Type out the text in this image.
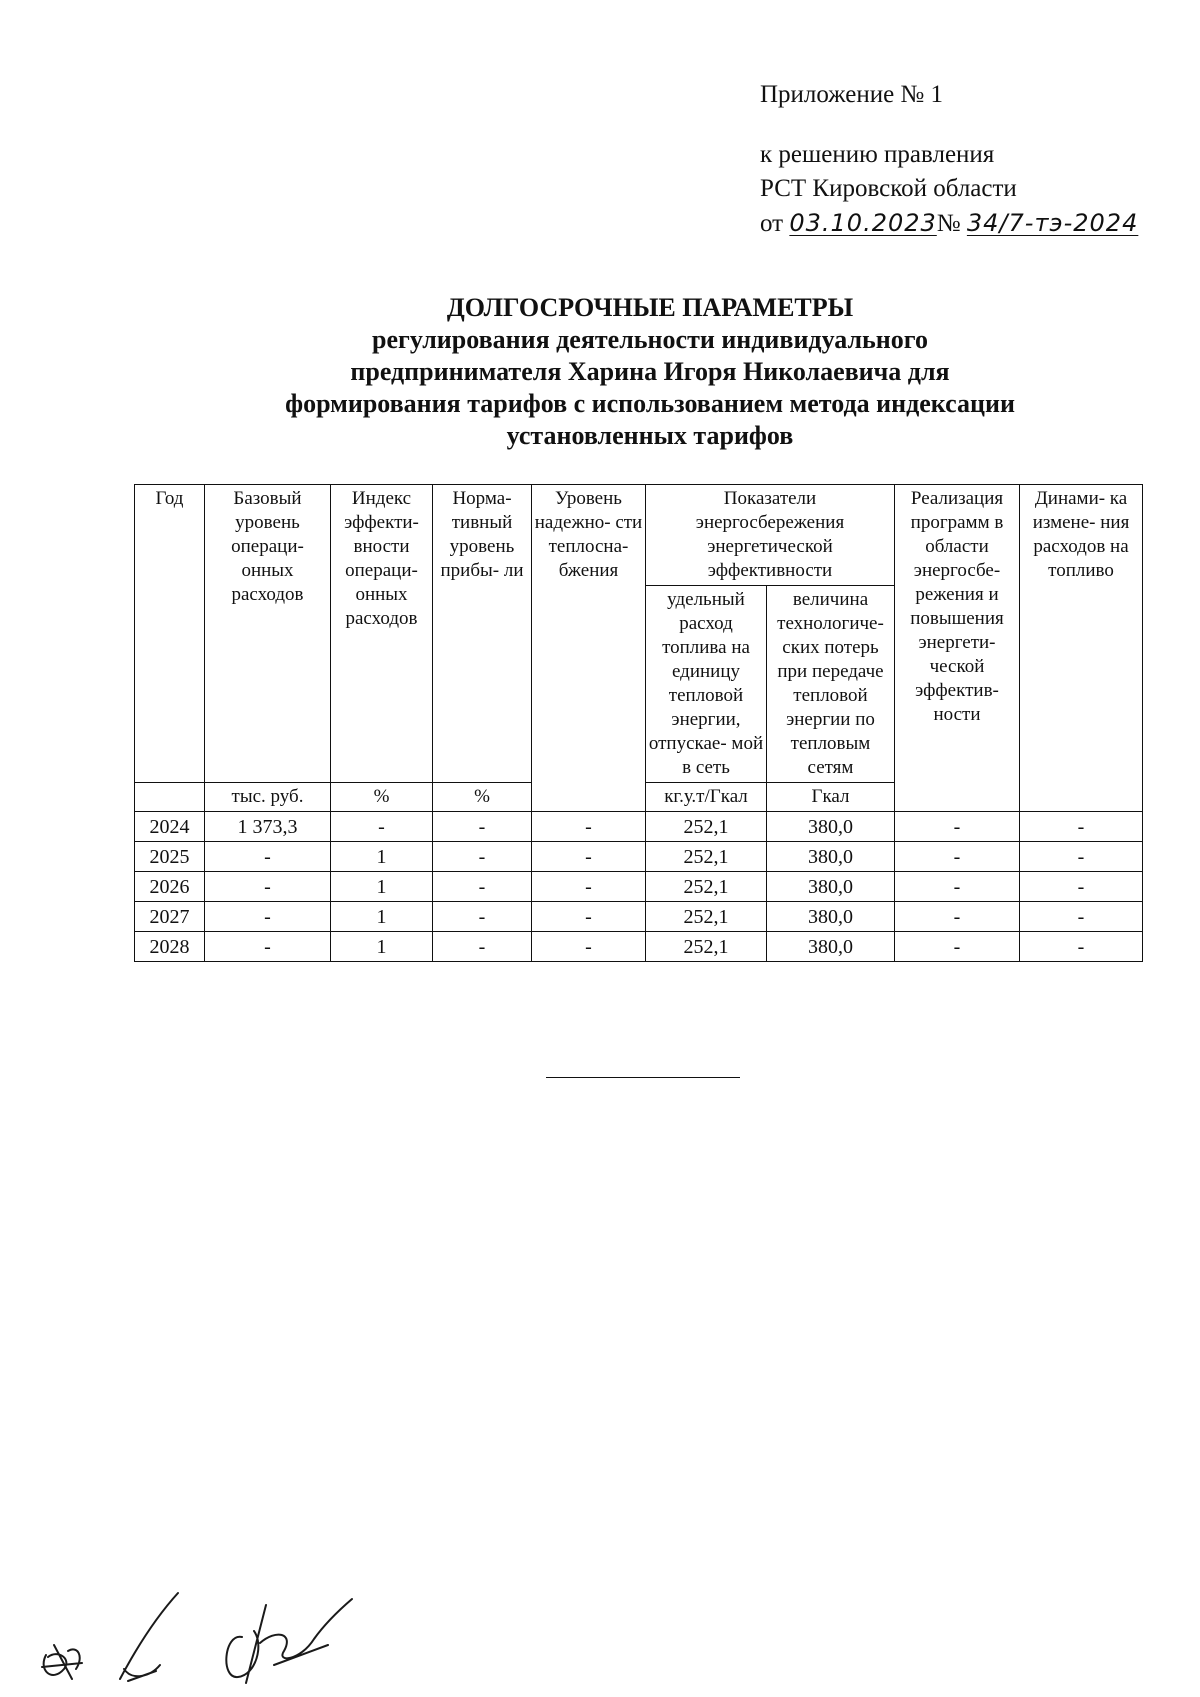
Приложение № 1
к решению правления
РСТ Кировской области
от 03.10.2023№ 34/7-тэ-2024
ДОЛГОСРОЧНЫЕ ПАРАМЕТРЫ
регулирования деятельности индивидуального
предпринимателя Харина Игоря Николаевича для
формирования тарифов с использованием метода индексации
установленных тарифов
Год	Базовый уровень операци- онных расходов	Индекс эффекти- вности операци- онных расходов	Норма- тивный уровень прибы- ли	Уровень надежно- сти теплосна- бжения	Показатели энергосбережения энергетической эффективности		Реализация программ в области энергосбе- режения и повышения энергети- ческой эффектив- ности	Динами- ка измене- ния расходов на топливо
					удельный расход топлива на единицу тепловой энергии, отпускае- мой в сеть	величина технологиче- ских потерь при передаче тепловой энергии по тепловым сетям		
	тыс. руб.	%	%		кг.у.т/Гкал	Гкал		
2024	1 373,3	-	-	-	252,1	380,0	-	-
2025	-	1	-	-	252,1	380,0	-	-
2026	-	1	-	-	252,1	380,0	-	-
2027	-	1	-	-	252,1	380,0	-	-
2028	-	1	-	-	252,1	380,0	-	-
